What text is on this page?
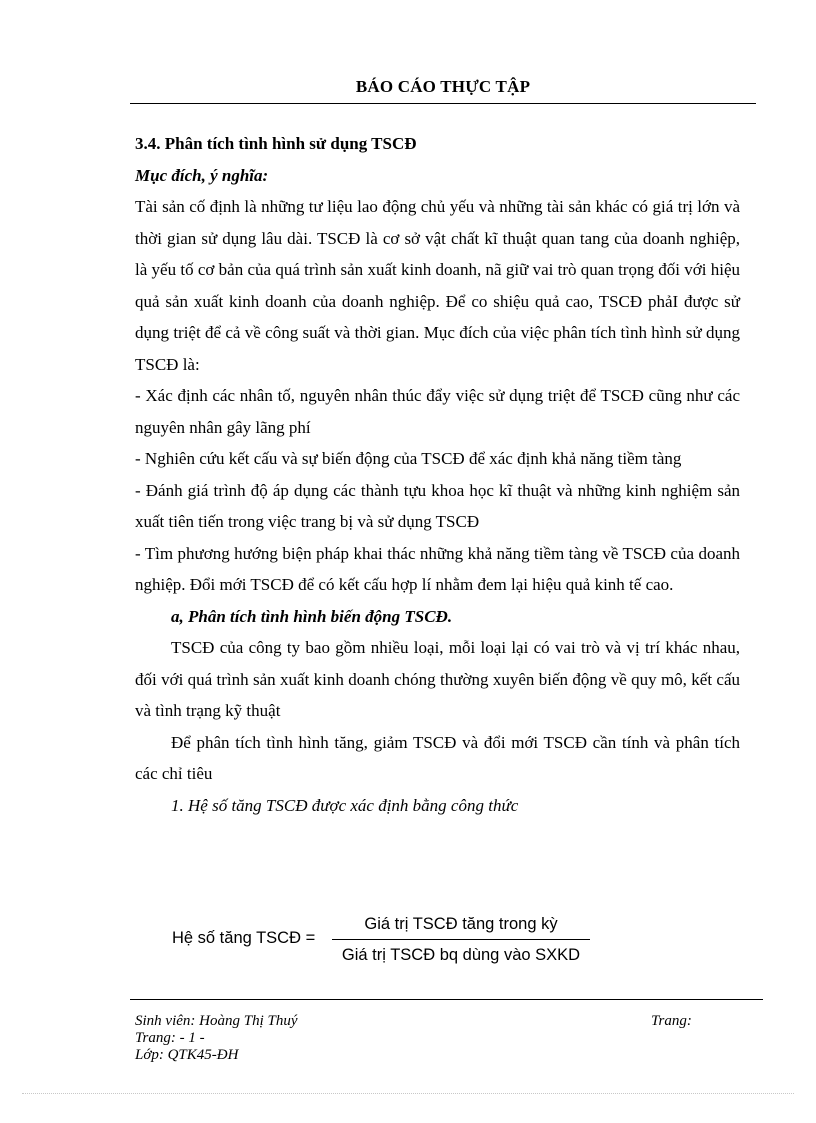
BÁO CÁO THỰC TẬP

3.4. Phân tích tình hình sử dụng TSCĐ

Mục đích, ý nghĩa:

Tài sản cố định là những tư liệu lao động chủ yếu và những tài sản khác có giá trị lớn và thời gian sử dụng lâu dài. TSCĐ là cơ sở vật chất kĩ thuật quan tang của doanh nghiệp, là yếu tố cơ bản của quá trình sản xuất kinh doanh, nã giữ vai trò quan trọng đối với hiệu quả sản xuất kinh doanh của doanh nghiệp. Để co shiệu quả cao, TSCĐ phảI được sử dụng triệt để cả về công suất và thời gian. Mục đích của việc phân tích tình hình sử dụng TSCĐ là:

- Xác định các nhân tố, nguyên nhân thúc đẩy việc sử dụng triệt để TSCĐ cũng như các nguyên nhân gây lãng phí

- Nghiên cứu kết cấu và sự biến động của TSCĐ để xác định khả năng tiềm tàng

- Đánh giá trình độ áp dụng các thành tựu khoa học kĩ thuật và những kinh nghiệm sản xuất tiên tiến trong việc trang bị và sử dụng TSCĐ

- Tìm phương hướng biện pháp khai thác những khả năng tiềm tàng về TSCĐ của doanh nghiệp. Đổi mới TSCĐ để có kết cấu hợp lí nhằm đem lại hiệu quả kinh tế cao.

a, Phân tích tình hình biến động TSCĐ.

TSCĐ của công ty bao gồm nhiều loại, mỗi loại lại có vai trò và vị trí khác nhau, đối với quá trình sản xuất kinh doanh chóng thường xuyên biến động về quy mô, kết cấu và tình trạng kỹ thuật

Để phân tích tình hình tăng, giảm TSCĐ và đổi mới TSCĐ cần tính và phân tích các chỉ tiêu

1. Hệ số tăng TSCĐ được xác định bằng công thức

Hệ số tăng TSCĐ =
Giá trị TSCĐ tăng trong kỳ
Giá trị TSCĐ bq dùng vào SXKD
Sinh viên: Hoàng Thị Thuý
Trang: - 1 -
Lớp: QTK45-ĐH
Trang:
